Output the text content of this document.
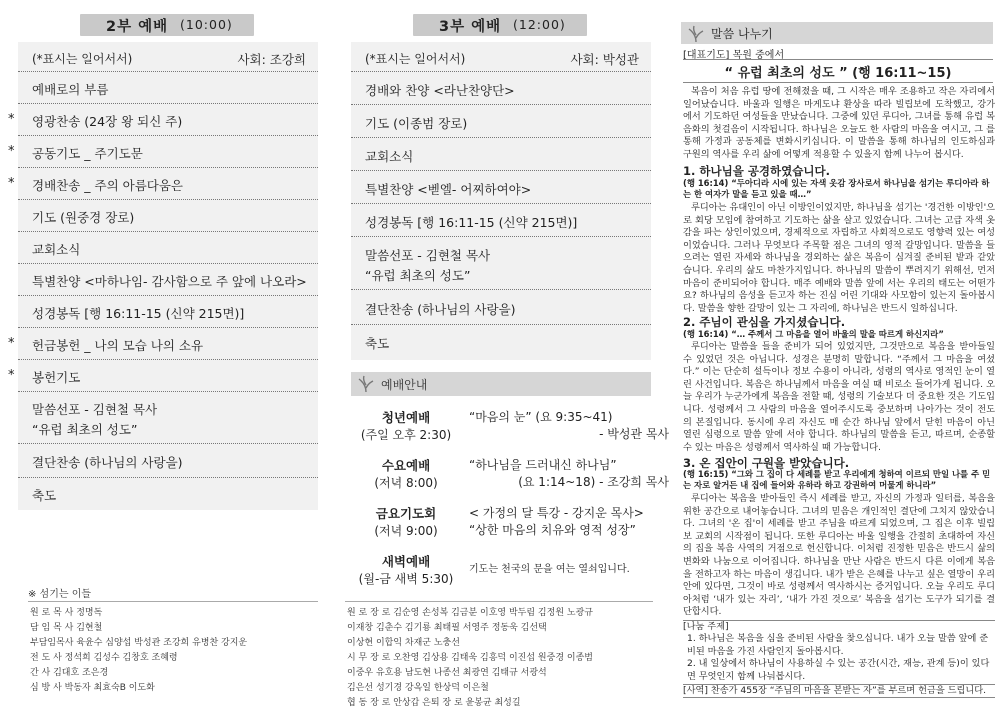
2부 예배 (10:00)
(*표시는 일어서서)	사회: 조강희
예배로의 부름
* 영광찬송 (24장 왕 되신 주)
* 공동기도 _ 주기도문
* 경배찬송 _ 주의 아름다움은
기도 (원중경 장로)
교회소식
특별찬양 <마하나임- 감사함으로 주 앞에 나오라>
성경봉독 [행 16:11-15 (신약 215면)]
* 헌금봉헌 _ 나의 모습 나의 소유
* 봉헌기도
말씀선포 - 김현철 목사
“유럽 최초의 성도”
결단찬송 (하나님의 사랑을)
축도
※ 섬기는 이들
원 로 목 사 정명독
담 임 목 사 김현철
부담임목사 육윤수 심양섭 박성관 조강희 유병찬 강지운
전 도 사 정석희 김성수 김창호 조혜령
간 사 김대호 조은경
심 방 사 박동자 최효숙B 이도화
3부 예배 (12:00)
(*표시는 일어서서)	사회: 박성관
경배와 찬양 <라난찬양단>
기도 (이종범 장로)
교회소식
특별찬양 <벧엘- 어찌하여야>
성경봉독 [행 16:11-15 (신약 215면)]
말씀선포 - 김현철 목사
“유럽 최초의 성도”
결단찬송 (하나님의 사랑을)
축도
예배안내
청년예배
(주일 오후 2:30)
“마음의 눈” (요 9:35~41)
- 박성관 목사
수요예배
(저녁 8:00)
“하나님을 드러내신 하나님”
(요 1:14~18) - 조강희 목사
금요기도회
(저녁 9:00)
< 가정의 달 특강 - 강지운 목사>
“상한 마음의 치유와 영적 성장”
새벽예배
(월-금 새벽 5:30)
기도는 천국의 문을 여는 열쇠입니다.
원 로 장 로 김순영 손성복 김금분 이호영 박두림 김정원 노광규
이재창 김춘수 김기룡 최태필 서영주 정동욱 김선택
이상현 이합익 차재군 노충선
시 무 장 로 오찬영 김상용 김태욱 김흥덕 이진섭 원중경 이종범
이중우 유호용 남도현 나종선 최광연 김태규 서광석
김은선 성기경 강옥일 한상덕 이은철
협 동 장 로 안상갑 은퇴 장 로 윤봉균 최성길
말씀 나누기
[대표기도] 목원 중에서
“ 유럽 최초의 성도 ” (행 16:11~15)
복음이 처음 유럽 땅에 전해졌을 때, 그 시작은 매우 조용하고 작은 자리에서 일어났습니다. 바울과 일행은 마게도냐 환상을 따라 빌립보에 도착했고, 강가에서 기도하던 여성들을 만났습니다. 그중에 있던 루디아, 그녀를 통해 유럽 복음화의 첫걸음이 시작됩니다. 하나님은 오늘도 한 사람의 마음을 여시고, 그 를 통해 가정과 공동체를 변화시키십니다. 이 말씀을 통해 하나님의 인도하심과 구원의 역사를 우리 삶에 어떻게 적용할 수 있을지 함께 나누어 봅시다.
1. 하나님을 공경하였습니다.
(행 16:14) “두아디라 시에 있는 자색 옷감 장사로서 하나님을 섬기는 루디아라 하는 한 여자가 말을 듣고 있을 때…”
루디아는 유대인이 아닌 이방인이었지만, 하나님을 섬기는 '경건한 이방인'으로 회당 모임에 참여하고 기도하는 삶을 살고 있었습니다. 그녀는 고급 자색 옷감을 파는 상인이었으며, 경제적으로 자립하고 사회적으로도 영향력 있는 여성이었습니다. 그러나 무엇보다 주목할 점은 그녀의 영적 갈망입니다. 말씀을 들으려는 열린 자세와 하나님을 경외하는 삶은 복음이 심겨질 준비된 밭과 같았습니다. 우리의 삶도 마찬가지입니다. 하나님의 말씀이 뿌려지기 위해선, 먼저 마음이 준비되어야 합니다. 매주 예배와 말씀 앞에 서는 우리의 태도는 어떤가요? 하나님의 음성을 듣고자 하는 진심 어린 기대와 사모함이 있는지 돌아봅시다. 말씀을 향한 갈망이 있는 그 자리에, 하나님은 반드시 일하십니다.
2. 주님이 관심을 가지셨습니다.
(행 16:14) “… 주께서 그 마음을 열어 바울의 말을 따르게 하신지라”
루디아는 말씀을 들을 준비가 되어 있었지만, 그것만으로 복음을 받아들일 수 있었던 것은 아닙니다. 성경은 분명히 말합니다. “주께서 그 마음을 여셨다.” 이는 단순히 설득이나 정보 수용이 아니라, 성령의 역사로 영적인 눈이 열린 사건입니다. 복음은 하나님께서 마음을 여실 때 비로소 들어가게 됩니다. 오늘 우리가 누군가에게 복음을 전할 때, 성령의 기술보다 더 중요한 것은 기도입니다. 성령께서 그 사람의 마음을 열어주시도록 중보하며 나아가는 것이 전도의 본질입니다. 동시에 우리 자신도 매 순간 하나님 앞에서 닫힌 마음이 아닌 열린 심령으로 말씀 앞에 서야 합니다. 하나님의 말씀을 듣고, 따르며, 순종할 수 있는 마음은 성령께서 역사하실 때 가능합니다.
3. 온 집안이 구원을 받았습니다.
(행 16:15) “그와 그 집이 다 세례를 받고 우리에게 청하여 이르되 만일 나를 주 믿는 자로 알거든 내 집에 들어와 유하라 하고 강권하여 머물게 하니라”
루디아는 복음을 받아들인 즉시 세례를 받고, 자신의 가정과 일터를, 복음을 위한 공간으로 내어놓습니다. 그녀의 믿음은 개인적인 결단에 그치지 않았습니다. 그녀의 '온 집'이 세례를 받고 주님을 따르게 되었으며, 그 집은 이후 빌립보 교회의 시작점이 됩니다. 또한 루디아는 바울 일행을 간절히 초대하여 자신의 집을 복음 사역의 거점으로 헌신합니다. 이처럼 진정한 믿음은 반드시 삶의 변화와 나눔으로 이어집니다. 하나님을 만난 사람은 반드시 다른 이에게 복음을 전하고자 하는 마음이 생깁니다. 내가 받은 은혜를 나누고 싶은 열망이 우리 안에 있다면, 그것이 바로 성령께서 역사하시는 증거입니다. 오늘 우리도 루디아처럼 ‘내가 있는 자리’, ‘내가 가진 것으로’ 복음을 섬기는 도구가 되기를 결단합시다.
[나눔 주제]
1. 하나님은 복음을 심을 준비된 사람을 찾으십니다. 내가 오늘 말씀 앞에 준비된 마음을 가진 사람인지 돌아봅시다.
2. 내 일상에서 하나님이 사용하실 수 있는 공간(시간, 재능, 관계 등)이 있다면 무엇인지 함께 나눠봅시다.
[사역] 찬송가 455장 “주님의 마음을 본받는 자”를 부르며 헌금을 드립니다.
